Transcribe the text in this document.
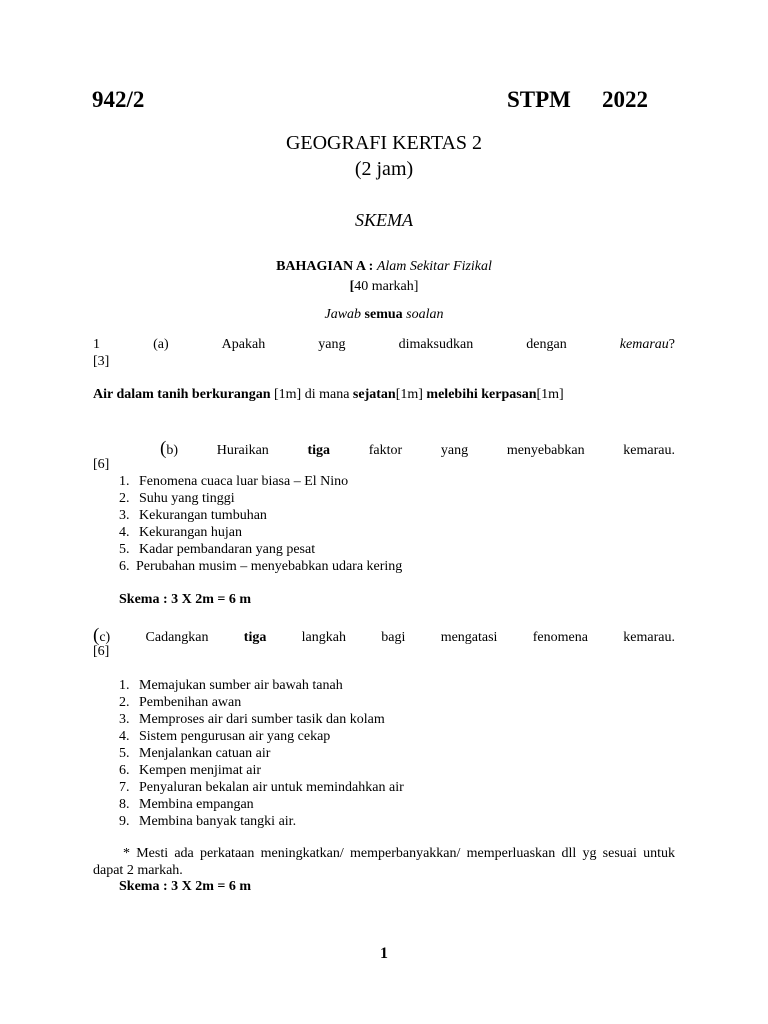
942/2	STPM 2022
GEOGRAFI KERTAS 2
(2 jam)
SKEMA
BAHAGIAN A : Alam Sekitar Fizikal
[40 markah]
Jawab semua soalan
1	(a)	Apakah	yang	dimaksudkan	dengan	kemarau?
[3]
Air dalam tanih berkurangan [1m] di mana sejatan[1m] melebihi kerpasan[1m]
(b)	Huraikan	tiga	faktor	yang	menyebabkan	kemarau.
[6]
1. Fenomena cuaca luar biasa – El Nino
2. Suhu yang tinggi
3. Kekurangan tumbuhan
4. Kekurangan hujan
5. Kadar pembandaran yang pesat
6. Perubahan musim – menyebabkan udara kering
Skema : 3 X 2m = 6 m
(c)	Cadangkan	tiga	langkah	bagi	mengatasi	fenomena	kemarau.
[6]
1. Memajukan sumber air bawah tanah
2. Pembenihan awan
3. Memproses air dari sumber tasik dan kolam
4. Sistem pengurusan air yang cekap
5. Menjalankan catuan air
6. Kempen menjimat air
7. Penyaluran bekalan air untuk memindahkan air
8. Membina empangan
9. Membina banyak tangki air.
* Mesti ada perkataan meningkatkan/ memperbanyakkan/ memperluaskan dll yg sesuai untuk dapat 2 markah.
Skema : 3 X 2m = 6 m
1
